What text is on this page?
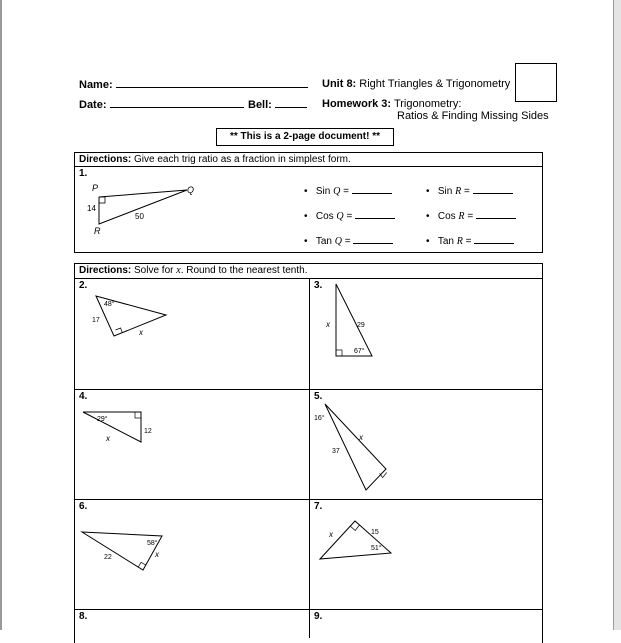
Name:
Date:	Bell:
Unit 8: Right Triangles & Trigonometry
Homework 3: Trigonometry:
Ratios & Finding Missing Sides
** This is a 2-page document! **
Directions: Give each trig ratio as a fraction in simplest form.
1.
P	Q
R
14
50
•   Sin Q =
•   Cos Q =
•   Tan Q =
•   Sin R =
•   Cos R =
•   Tan R =
Directions: Solve for x. Round to the nearest tenth.
2.	3.
4.	5.
6.	7.
8.	9.
48°
17
x
67°
29
x
29°
12
x
16°
37
x
58°
22	x
51°
15
x
